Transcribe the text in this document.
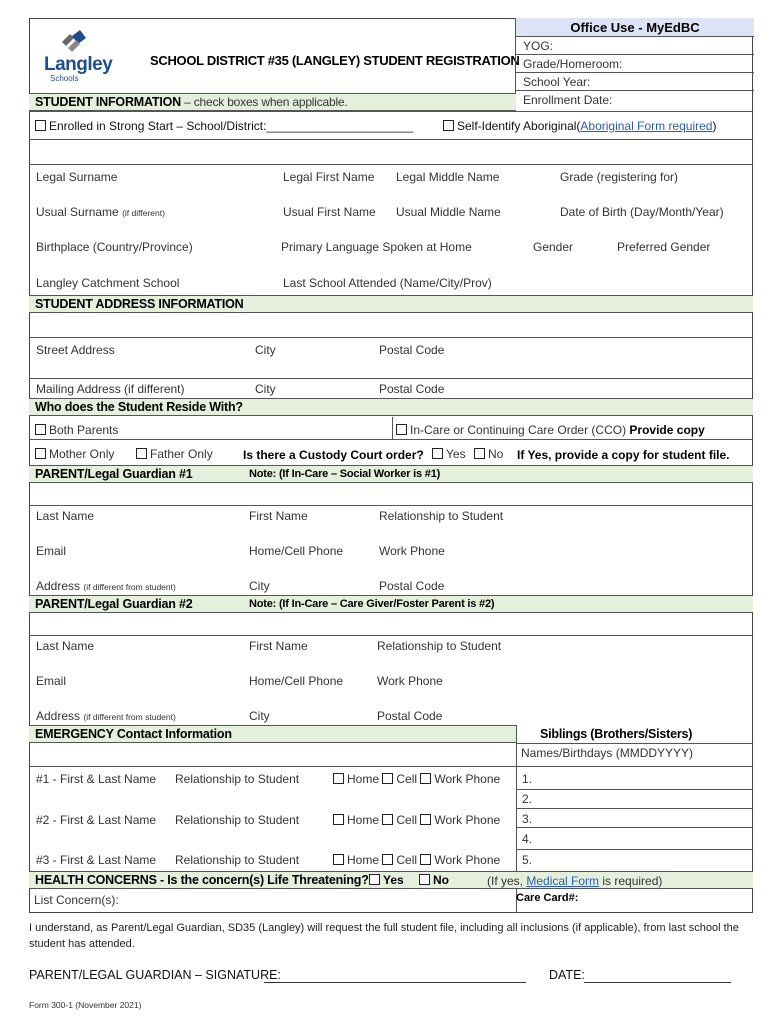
Langley
Schools
SCHOOL DISTRICT #35 (LANGLEY) STUDENT REGISTRATION
Office Use - MyEdBC
YOG:
Grade/Homeroom:
School Year:
Enrollment Date:
STUDENT INFORMATION – check boxes when applicable.
Enrolled in Strong Start – School/District:______________________	Self-Identify Aboriginal(Aboriginal Form required)
Legal Surname	Legal First Name Legal Middle Name	Grade (registering for)
Usual Surname (if different)	Usual First Name Usual Middle Name	Date of Birth (Day/Month/Year)
Birthplace (Country/Province)	Primary Language Spoken at Home	Gender	Preferred Gender
Langley Catchment School	Last School Attended (Name/City/Prov)
STUDENT ADDRESS INFORMATION
Street Address	City	Postal Code
Mailing Address (if different)	City	Postal Code
Who does the Student Reside With?
Both Parents	In-Care or Continuing Care Order (CCO) Provide copy
Mother Only	Father Only	Is there a Custody Court order?	Yes	No If Yes, provide a copy for student file.
PARENT/Legal Guardian #1	Note: (If In-Care – Social Worker is #1)
Last Name	First Name	Relationship to Student
Email	Home/Cell Phone	Work Phone
Address (if different from student)	City	Postal Code
PARENT/Legal Guardian #2	Note: (If In-Care – Care Giver/Foster Parent is #2)
Last Name	First Name	Relationship to Student
Email	Home/Cell Phone	Work Phone
Address (if different from student)	City	Postal Code
EMERGENCY Contact Information	Siblings (Brothers/Sisters)
Names/Birthdays (MMDDYYYY)
#1 - First & Last Name Relationship to Student	Home Cell Work Phone
#2 - First & Last Name Relationship to Student	Home Cell Work Phone
#3 - First & Last Name Relationship to Student	Home Cell Work Phone
1.
2.
3.
4.
5.
HEALTH CONCERNS - Is the concern(s) Life Threatening?	Yes	No	(If yes, Medical Form is required)
List Concern(s):	Care Card#:
I understand, as Parent/Legal Guardian, SD35 (Langley) will request the full student file, including all inclusions (if applicable), from last school the student has attended.
PARENT/LEGAL GUARDIAN – SIGNATURE:	DATE:
Form 300-1 (November 2021)
